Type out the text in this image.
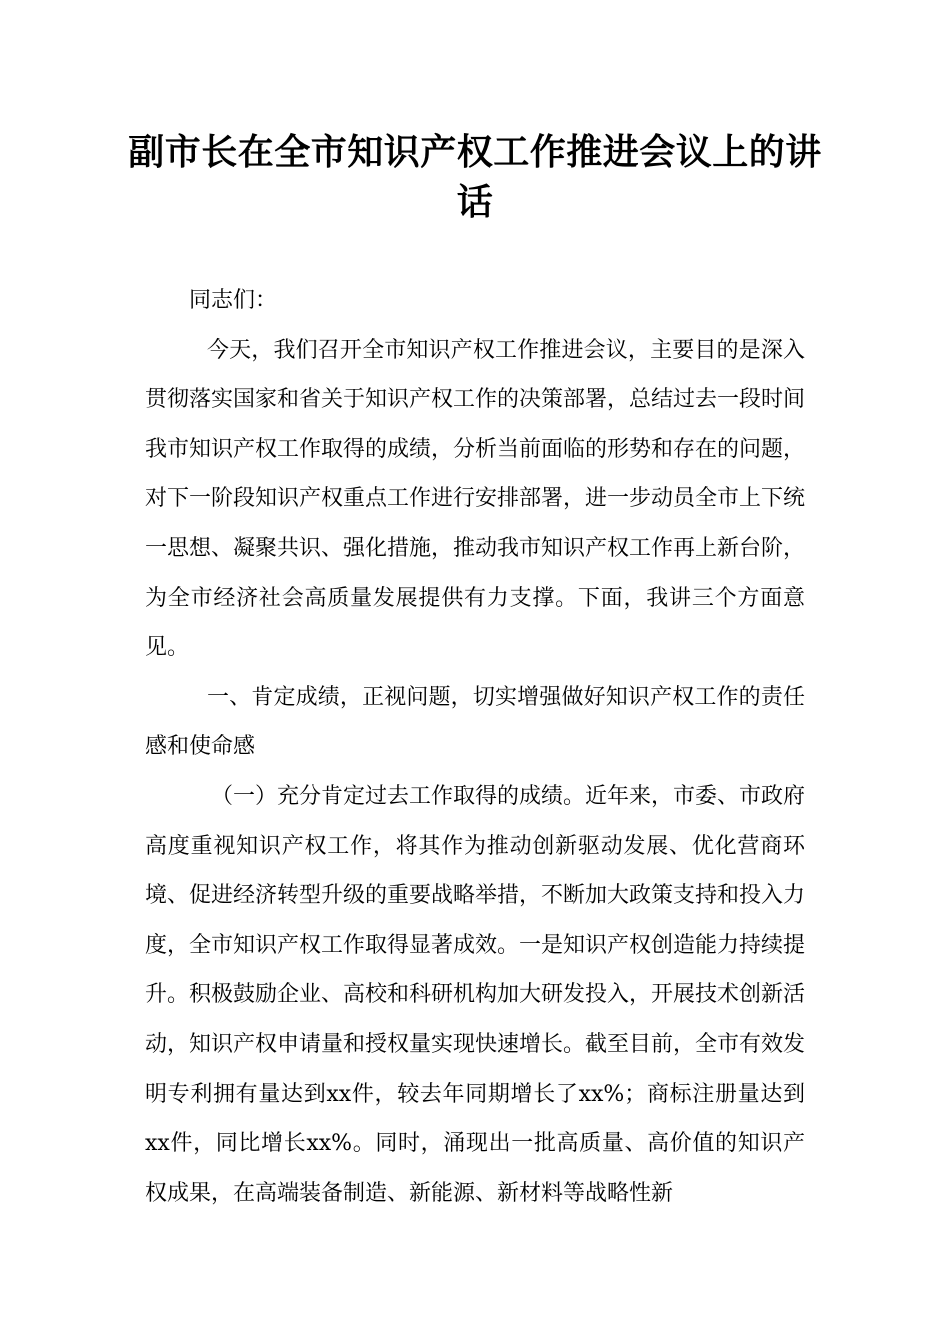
副市长在全市知识产权工作推进会议上的讲话

同志们：

今天，我们召开全市知识产权工作推进会议，主要目的是深入贯彻落实国家和省关于知识产权工作的决策部署，总结过去一段时间我市知识产权工作取得的成绩，分析当前面临的形势和存在的问题，对下一阶段知识产权重点工作进行安排部署，进一步动员全市上下统一思想、凝聚共识、强化措施，推动我市知识产权工作再上新台阶，为全市经济社会高质量发展提供有力支撑。下面，我讲三个方面意见。

一、肯定成绩，正视问题，切实增强做好知识产权工作的责任感和使命感

（一）充分肯定过去工作取得的成绩。近年来，市委、市政府高度重视知识产权工作，将其作为推动创新驱动发展、优化营商环境、促进经济转型升级的重要战略举措，不断加大政策支持和投入力度，全市知识产权工作取得显著成效。一是知识产权创造能力持续提升。积极鼓励企业、高校和科研机构加大研发投入，开展技术创新活动，知识产权申请量和授权量实现快速增长。截至目前，全市有效发明专利拥有量达到xx件，较去年同期增长了xx%；商标注册量达到xx件，同比增长xx%。同时，涌现出一批高质量、高价值的知识产权成果，在高端装备制造、新能源、新材料等战略性新
